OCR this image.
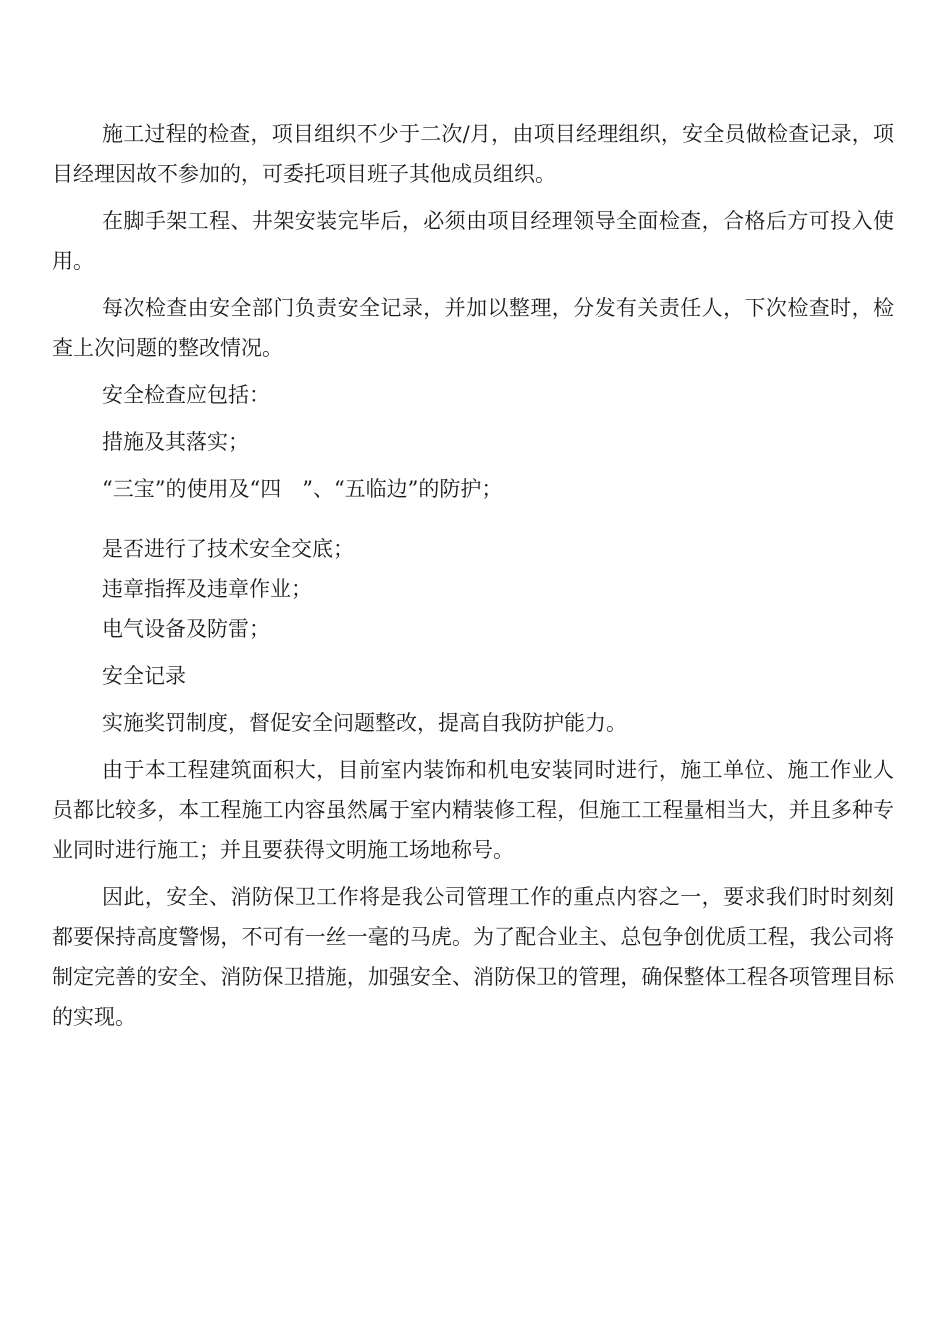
施工过程的检查，项目组织不少于二次/月，由项目经理组织，安全员做检查记录，项目经理因故不参加的，可委托项目班子其他成员组织。

在脚手架工程、井架安装完毕后，必须由项目经理领导全面检查，合格后方可投入使用。

每次检查由安全部门负责安全记录，并加以整理，分发有关责任人，下次检查时，检查上次问题的整改情况。

安全检查应包括：

措施及其落实；

“三宝”的使用及“四　”、“五临边”的防护；

是否进行了技术安全交底；

违章指挥及违章作业；

电气设备及防雷；

安全记录

实施奖罚制度，督促安全问题整改，提高自我防护能力。

由于本工程建筑面积大，目前室内装饰和机电安装同时进行，施工单位、施工作业人员都比较多，本工程施工内容虽然属于室内精装修工程，但施工工程量相当大，并且多种专业同时进行施工；并且要获得文明施工场地称号。

因此，安全、消防保卫工作将是我公司管理工作的重点内容之一，要求我们时时刻刻都要保持高度警惕，不可有一丝一毫的马虎。为了配合业主、总包争创优质工程，我公司将制定完善的安全、消防保卫措施，加强安全、消防保卫的管理，确保整体工程各项管理目标的实现。
